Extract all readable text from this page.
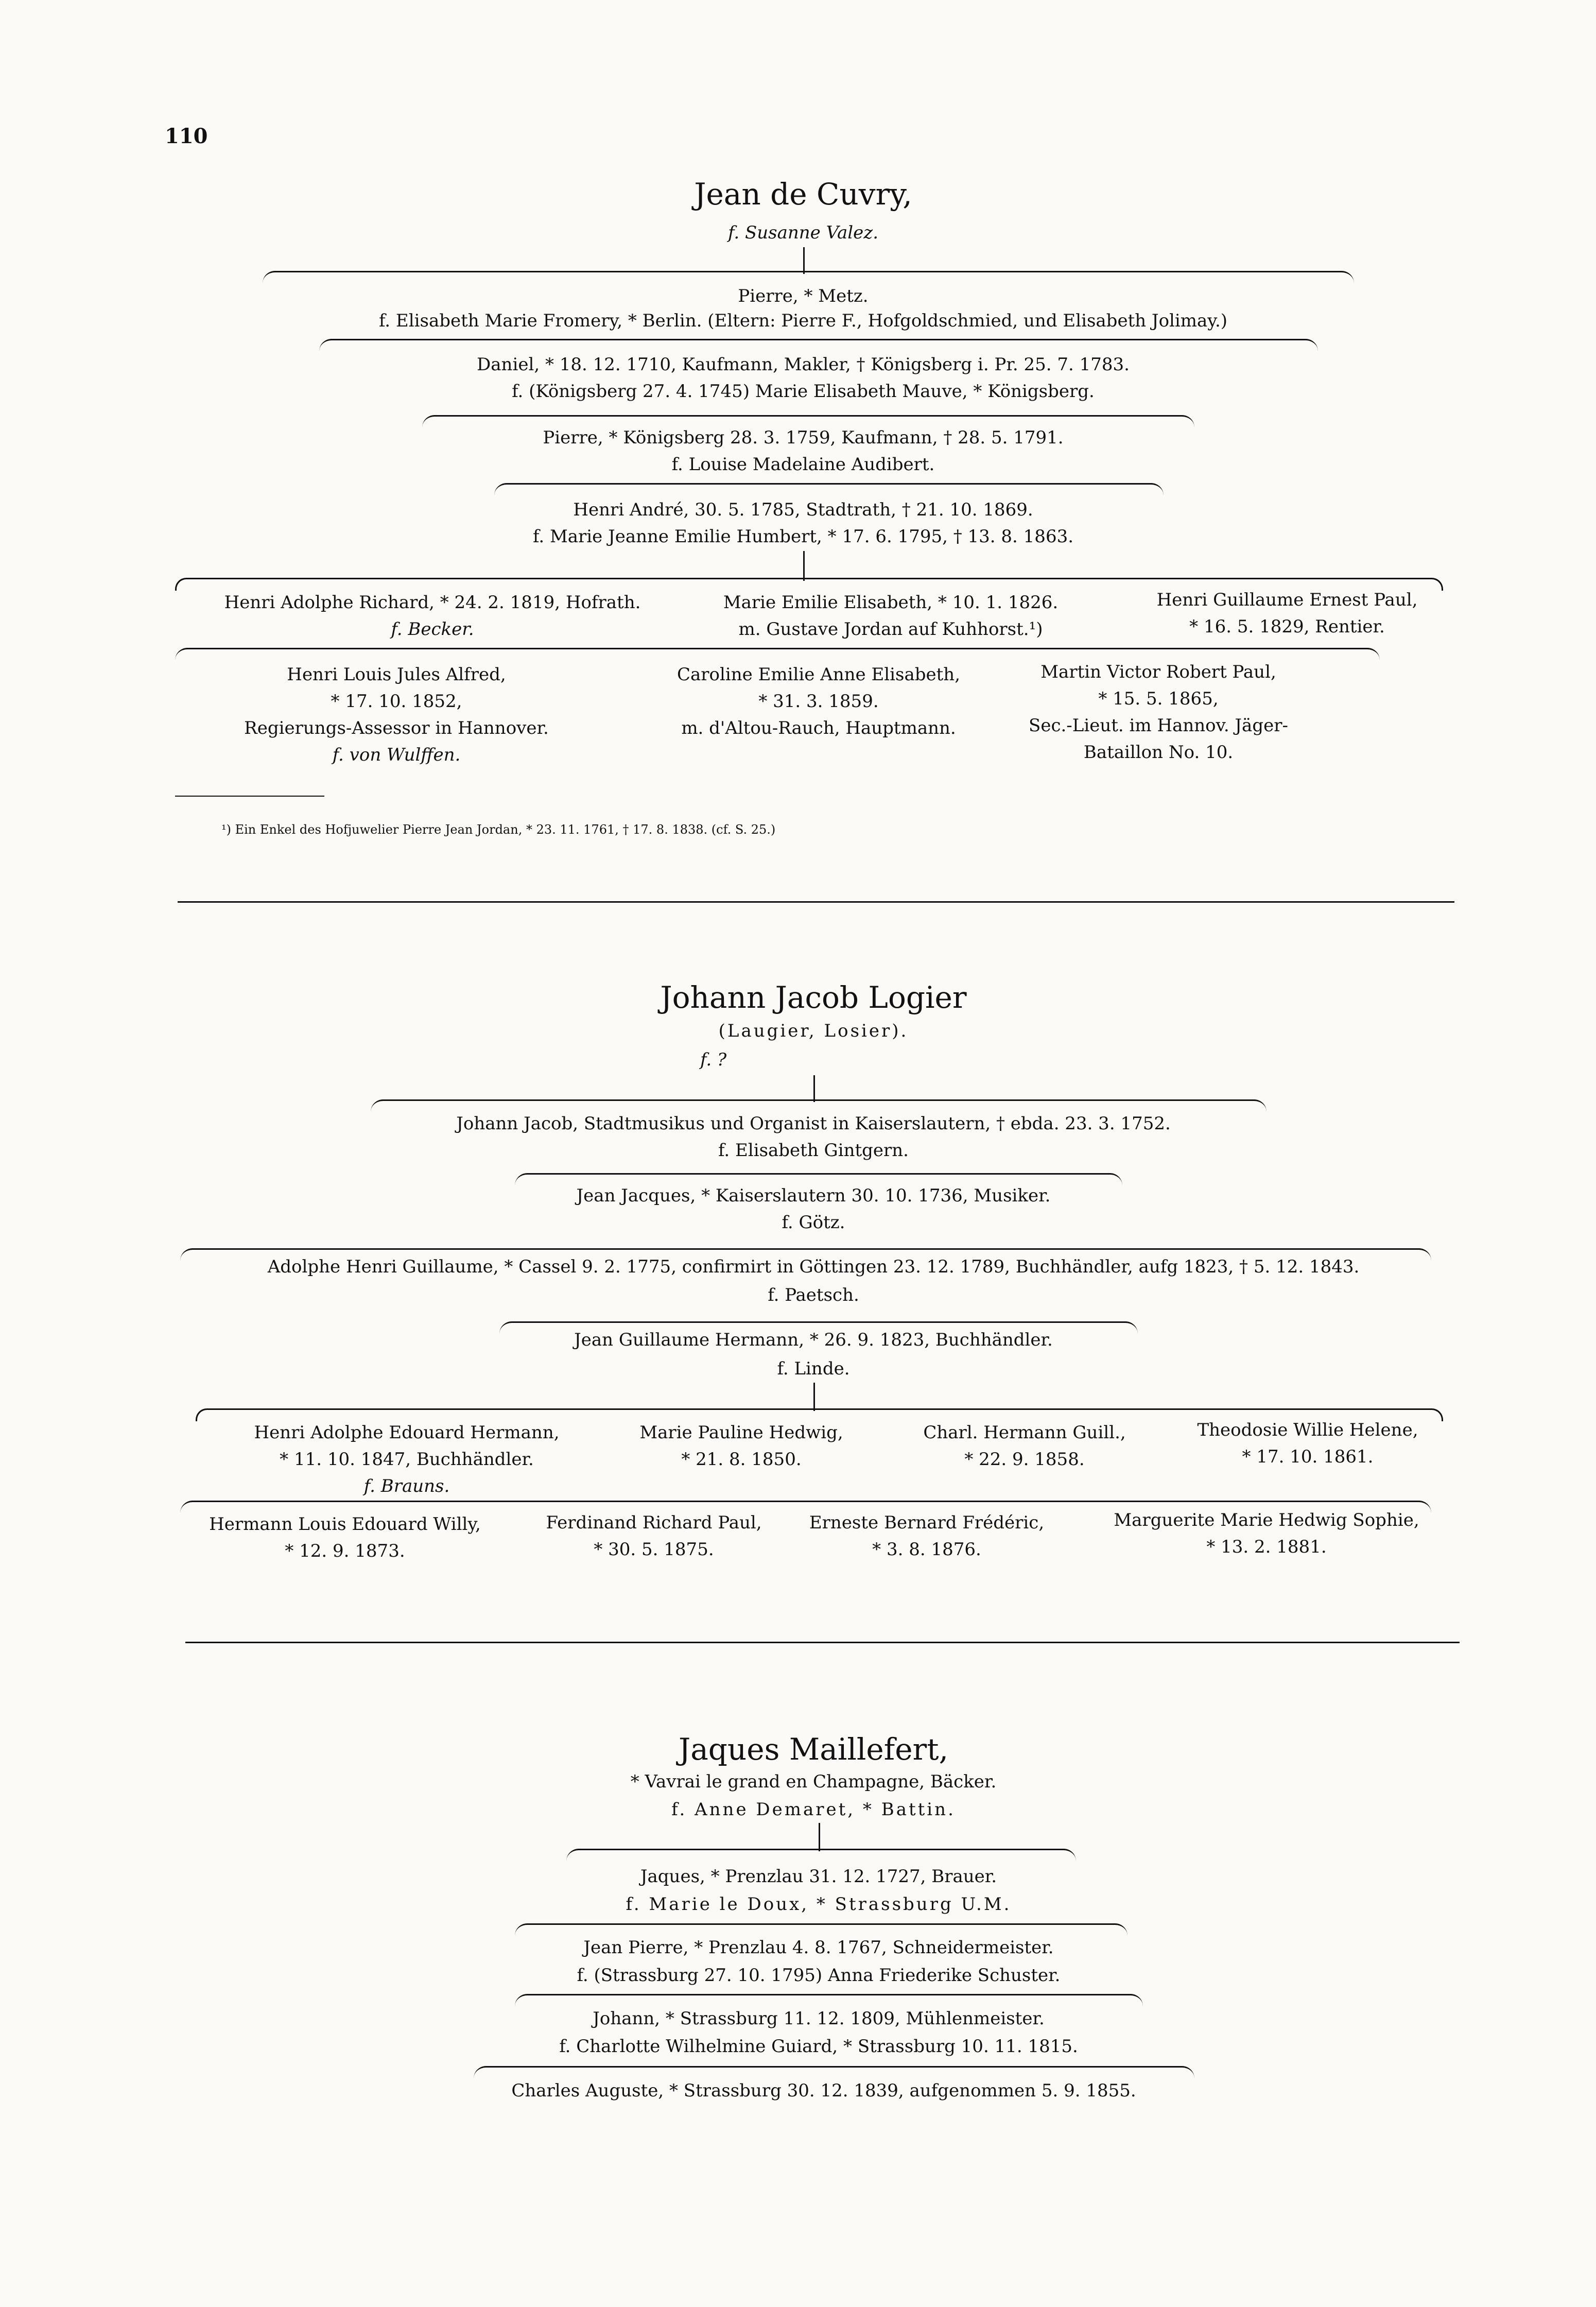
110
Jean de Cuvry,
f. Susanne Valez.
Pierre, * Metz.
f. Elisabeth Marie Fromery, * Berlin. (Eltern: Pierre F., Hofgoldschmied, und Elisabeth Jolimay.)
Daniel, * 18. 12. 1710, Kaufmann, Makler, † Königsberg i. Pr. 25. 7. 1783.
f. (Königsberg 27. 4. 1745) Marie Elisabeth Mauve, * Königsberg.
Pierre, * Königsberg 28. 3. 1759, Kaufmann, † 28. 5. 1791.
f. Louise Madelaine Audibert.
Henri André, 30. 5. 1785, Stadtrath, † 21. 10. 1869.
f. Marie Jeanne Emilie Humbert, * 17. 6. 1795, † 13. 8. 1863.
Henri Adolphe Richard, * 24. 2. 1819, Hofrath.
f. Becker.
Marie Emilie Elisabeth, * 10. 1. 1826.
m. Gustave Jordan auf Kuhhorst.¹)
Henri Guillaume Ernest Paul,
* 16. 5. 1829, Rentier.
Henri Louis Jules Alfred,
* 17. 10. 1852,
Regierungs-Assessor in Hannover.
f. von Wulffen.
Caroline Emilie Anne Elisabeth,
* 31. 3. 1859.
m. d'Altou-Rauch, Hauptmann.
Martin Victor Robert Paul,
* 15. 5. 1865,
Sec.-Lieut. im Hannov. Jäger-
Bataillon No. 10.
¹) Ein Enkel des Hofjuwelier Pierre Jean Jordan, * 23. 11. 1761, † 17. 8. 1838. (cf. S. 25.)
Johann Jacob Logier
(Laugier, Losier).
f. ?
Johann Jacob, Stadtmusikus und Organist in Kaiserslautern, † ebda. 23. 3. 1752.
f. Elisabeth Gintgern.
Jean Jacques, * Kaiserslautern 30. 10. 1736, Musiker.
f. Götz.
Adolphe Henri Guillaume, * Cassel 9. 2. 1775, confirmirt in Göttingen 23. 12. 1789, Buchhändler, aufg 1823, † 5. 12. 1843.
f. Paetsch.
Jean Guillaume Hermann, * 26. 9. 1823, Buchhändler.
f. Linde.
Henri Adolphe Edouard Hermann,
* 11. 10. 1847, Buchhändler.
f. Brauns.
Marie Pauline Hedwig,
* 21. 8. 1850.
Charl. Hermann Guill.,
* 22. 9. 1858.
Theodosie Willie Helene,
* 17. 10. 1861.
Hermann Louis Edouard Willy,
* 12. 9. 1873.
Ferdinand Richard Paul,
* 30. 5. 1875.
Erneste Bernard Frédéric,
* 3. 8. 1876.
Marguerite Marie Hedwig Sophie,
* 13. 2. 1881.
Jaques Maillefert,
* Vavrai le grand en Champagne, Bäcker.
f. Anne Demaret, * Battin.
Jaques, * Prenzlau 31. 12. 1727, Brauer.
f. Marie le Doux, * Strassburg U.M.
Jean Pierre, * Prenzlau 4. 8. 1767, Schneidermeister.
f. (Strassburg 27. 10. 1795) Anna Friederike Schuster.
Johann, * Strassburg 11. 12. 1809, Mühlenmeister.
f. Charlotte Wilhelmine Guiard, * Strassburg 10. 11. 1815.
Charles Auguste, * Strassburg 30. 12. 1839, aufgenommen 5. 9. 1855.
